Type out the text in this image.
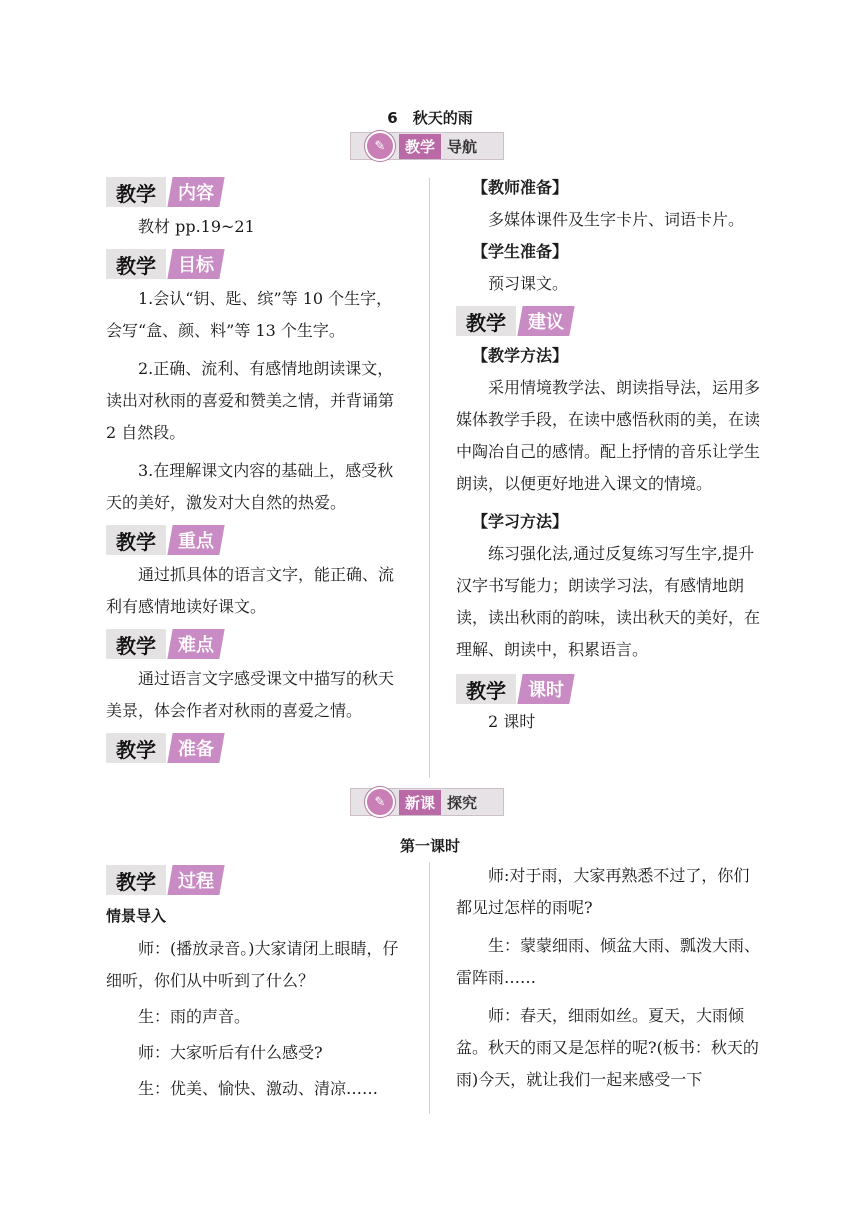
6　秋天的雨
✎	教学 导航
教学	内容

教材 pp.19~21

教学	目标

1.会认“钥、匙、缤”等 10 个生字，会写“盒、颜、料”等 13 个生字。

2.正确、流利、有感情地朗读课文，读出对秋雨的喜爱和赞美之情，并背诵第 2 自然段。

3.在理解课文内容的基础上，感受秋天的美好，激发对大自然的热爱。

教学	重点

通过抓具体的语言文字，能正确、流利有感情地读好课文。

教学	难点

通过语言文字感受课文中描写的秋天美景，体会作者对秋雨的喜爱之情。

教学	准备

【教师准备】

多媒体课件及生字卡片、词语卡片。

【学生准备】

预习课文。

教学	建议

【教学方法】

采用情境教学法、朗读指导法，运用多媒体教学手段，在读中感悟秋雨的美，在读中陶冶自己的感情。配上抒情的音乐让学生朗读，以便更好地进入课文的情境。

【学习方法】

练习强化法,通过反复练习写生字,提升汉字书写能力；朗读学习法，有感情地朗读，读出秋雨的韵味，读出秋天的美好，在理解、朗读中，积累语言。

教学	课时

2 课时

✎	新课 探究
第一课时
教学	过程
情景导入

师：(播放录音。)大家请闭上眼睛，仔细听，你们从中听到了什么？

生：雨的声音。

师：大家听后有什么感受?

生：优美、愉快、激动、清凉……

师:对于雨，大家再熟悉不过了，你们都见过怎样的雨呢?

生：蒙蒙细雨、倾盆大雨、瓢泼大雨、雷阵雨……

师：春天，细雨如丝。夏天，大雨倾盆。秋天的雨又是怎样的呢?(板书：秋天的雨)今天，就让我们一起来感受一下
